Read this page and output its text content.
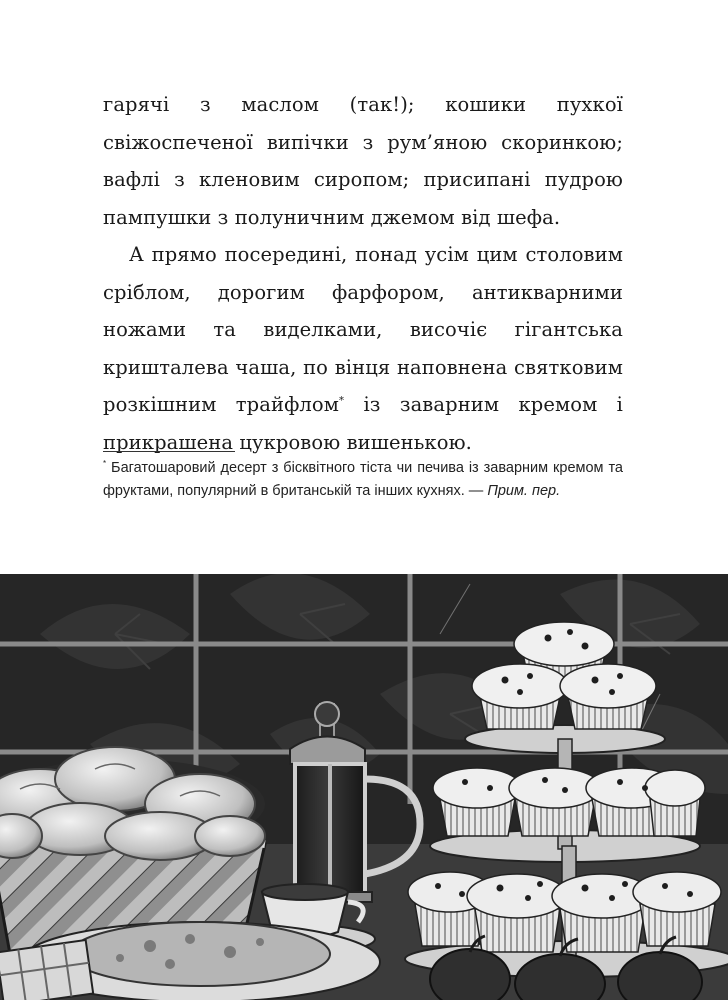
гарячі з маслом (так!); кошики пухкої свіжоспеченої випічки з рум’яною скоринкою; вафлі з кленовим сиропом; присипані пудрою пампушки з полуничним джемом від шефа.

А прямо посередині, понад усім цим столовим сріблом, дорогим фарфором, антикварними ножами та виделками, височіє гігантська кришталева чаша, по вінця наповнена святковим розкішним трайфлом* із заварним кремом і прикрашена цукровою вишенькою.

* Багатошаровий десерт з бісквітного тіста чи печива із заварним кремом та фруктами, популярний в британській та інших кухнях. — Прим. пер.
